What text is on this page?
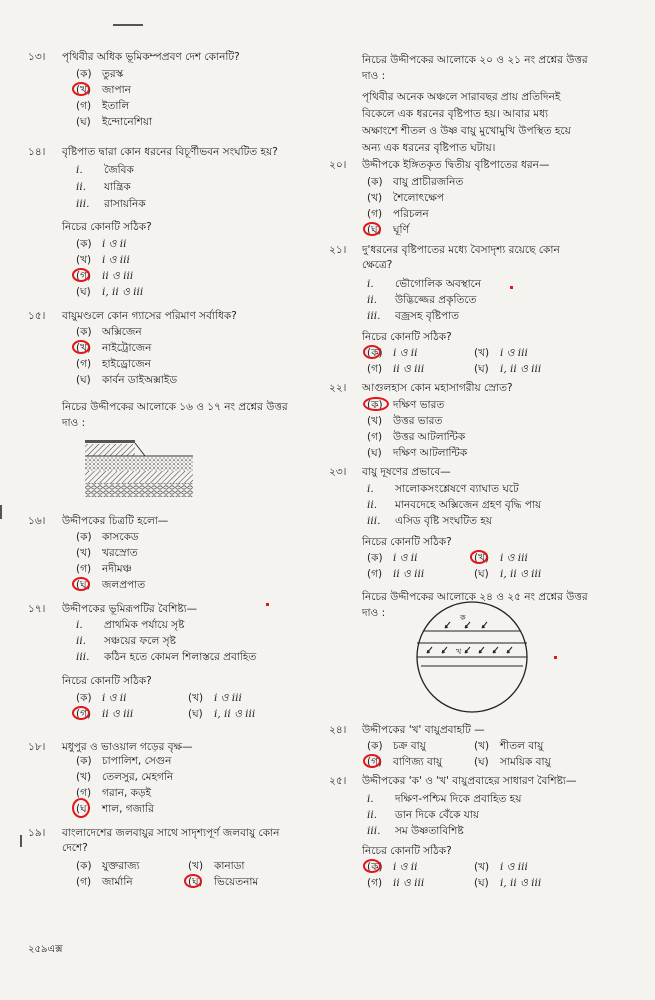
১৩। পৃথিবীর অধিক ভূমিকম্পপ্রবণ দেশ কোনটি?
(ক) তুরস্ক
(খ) জাপান
(গ) ইতালি
(ঘ) ইন্দোনেশিয়া
১৪। বৃষ্টিপাত দ্বারা কোন ধরনের বিচূর্ণীভবন সংঘটিত হয়?
i. জৈবিক
ii. যান্ত্রিক
iii. রাসায়নিক
নিচের কোনটি সঠিক?
(ক) i ও ii
(খ) i ও iii
(গ) ii ও iii
(ঘ) i, ii ও iii
১৫। বায়ুমণ্ডলে কোন গ্যাসের পরিমাণ সর্বাধিক?
(ক) অক্সিজেন
(খ) নাইট্রোজেন
(গ) হাইড্রোজেন
(ঘ) কার্বন ডাইঅক্সাইড
নিচের উদ্দীপকের আলোকে ১৬ ও ১৭ নং প্রশ্নের উত্তর
দাও :
১৬। উদ্দীপকের চিত্রটি হলো—
(ক) কাসকেড
(খ) খরস্রোত
(গ) নদীমঞ্চ
(ঘ) জলপ্রপাত
১৭। উদ্দীপকের ভূমিরূপটির বৈশিষ্ট্য—
i. প্রাথমিক পর্যায়ে সৃষ্ট
ii. সঞ্চয়ের ফলে সৃষ্ট
iii. কঠিন হতে কোমল শিলাস্তরে প্রবাহিত
নিচের কোনটি সঠিক?
(ক) i ও ii	(খ) i ও iii
(গ) ii ও iii	(ঘ) i, ii ও iii
১৮। মধুপুর ও ভাওয়াল গড়ের বৃক্ষ—
(ক) চাপালিশ, সেগুন
(খ) তেলসুর, মেহগনি
(গ) গরান, কড়ই
(ঘ) শাল, গজারি
১৯। বাংলাদেশের জলবায়ুর সাথে সাদৃশ্যপূর্ণ জলবায়ু কোন
দেশে?
(ক) যুক্তরাজ্য	(খ) কানাডা
(গ) জার্মানি	(ঘ) ভিয়েতনাম
২৫৯এক্স
নিচের উদ্দীপকের আলোকে ২০ ও ২১ নং প্রশ্নের উত্তর
দাও :
পৃথিবীর অনেক অঞ্চলে সারাবছর প্রায় প্রতিদিনই
বিকেলে এক ধরনের বৃষ্টিপাত হয়। আবার মধ্য
অক্ষাংশে শীতল ও উষ্ণ বায়ু মুখোমুখি উপস্থিত হয়ে
অন্য এক ধরনের বৃষ্টিপাত ঘটায়।
২০। উদ্দীপকে ইঙ্গিতকৃত দ্বিতীয় বৃষ্টিপাতের ধরন—
(ক) বায়ু প্রাচীরজনিত
(খ) শৈলোৎক্ষেপ
(গ) পরিচলন
(ঘ) ঘূর্ণি
২১। দু'ধরনের বৃষ্টিপাতের মধ্যে বৈসাদৃশ্য রয়েছে কোন
ক্ষেত্রে?
i. ভৌগোলিক অবস্থানে
ii. উদ্ভিজ্জের প্রকৃতিতে
iii. বজ্রসহ বৃষ্টিপাত
নিচের কোনটি সঠিক?
(ক) i ও ii	(খ) i ও iii
(গ) ii ও iii	(ঘ) i, ii ও iii
২২। আগুলহাস কোন মহাসাগরীয় স্রোত?
(ক) দক্ষিণ ভারত
(খ) উত্তর ভারত
(গ) উত্তর আটলান্টিক
(ঘ) দক্ষিণ আটলান্টিক
২৩। বায়ু দূষণের প্রভাবে—
i. সালোকসংশ্লেষণে ব্যাঘাত ঘটে
ii. মানবদেহে অক্সিজেন গ্রহণ বৃদ্ধি পায়
iii. এসিড বৃষ্টি সংঘটিত হয়
নিচের কোনটি সঠিক?
(ক) i ও ii	(খ) i ও iii
(গ) ii ও iii	(ঘ) i, ii ও iii
নিচের উদ্দীপকের আলোকে ২৪ ও ২৫ নং প্রশ্নের উত্তর
দাও :	ক
খ
২৪। উদ্দীপকের 'খ' বায়ুপ্রবাহটি —
(ক) চক্র বায়ু	(খ) শীতল বায়ু
(গ) বাণিজ্য বায়ু	(ঘ) সাময়িক বায়ু
২৫। উদ্দীপকের 'ক' ও 'খ' বায়ুপ্রবাহের সাধারণ বৈশিষ্ট্য—
i. দক্ষিণ-পশ্চিম দিকে প্রবাহিত হয়
ii. ডান দিকে বেঁকে যায়
iii. সম উষ্ণতাবিশিষ্ট
নিচের কোনটি সঠিক?
(ক) i ও ii	(খ) i ও iii
(গ) ii ও iii	(ঘ) i, ii ও iii
